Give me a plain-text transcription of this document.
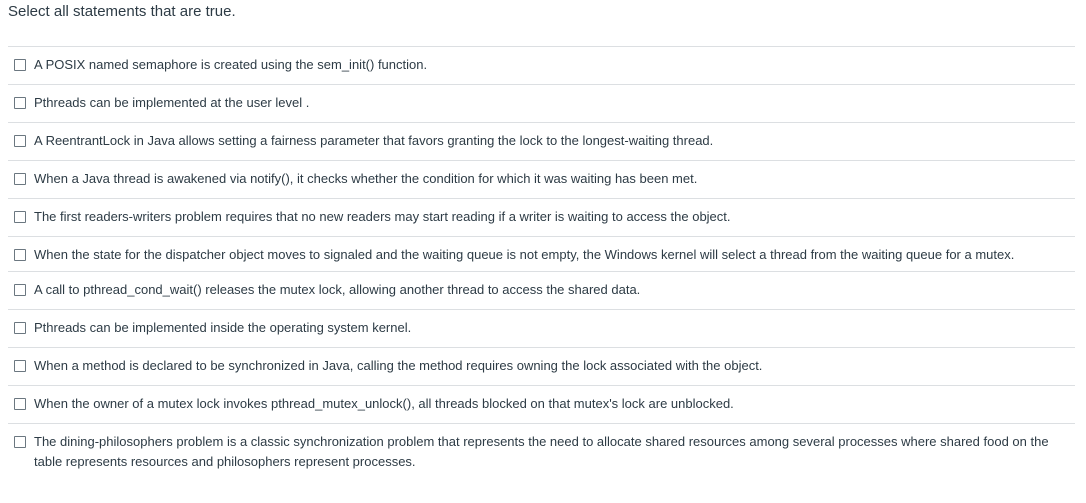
Select all statements that are true.
A POSIX named semaphore is created using the sem_init() function.
Pthreads can be implemented at the user level .
A ReentrantLock in Java allows setting a fairness parameter that favors granting the lock to the longest-waiting thread.
When a Java thread is awakened via notify(), it checks whether the condition for which it was waiting has been met.
The first readers-writers problem requires that no new readers may start reading if a writer is waiting to access the object.
When the state for the dispatcher object moves to signaled and the waiting queue is not empty, the Windows kernel will select a thread from the waiting queue for a mutex.
A call to pthread_cond_wait() releases the mutex lock, allowing another thread to access the shared data.
Pthreads can be implemented inside the operating system kernel.
When a method is declared to be synchronized in Java, calling the method requires owning the lock associated with the object.
When the owner of a mutex lock invokes pthread_mutex_unlock(), all threads blocked on that mutex's lock are unblocked.
The dining-philosophers problem is a classic synchronization problem that represents the need to allocate shared resources among several processes where shared food on the table represents resources and philosophers represent processes.
